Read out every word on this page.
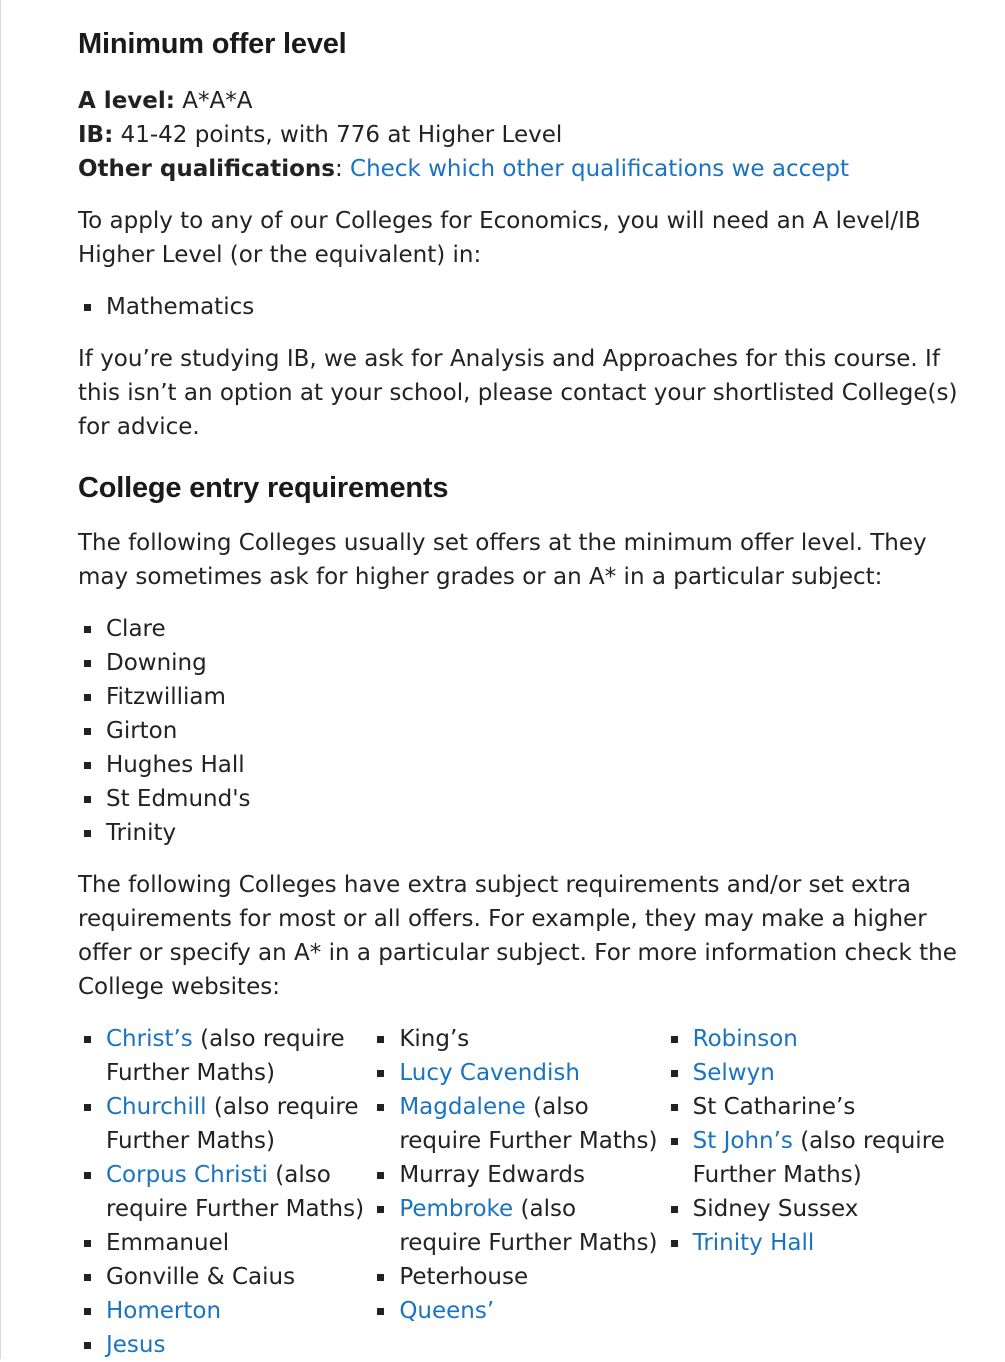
Minimum offer level
A level: A*A*A
IB: 41-42 points, with 776 at Higher Level
Other qualifications: Check which other qualifications we accept

To apply to any of our Colleges for Economics, you will need an A level/IB Higher Level (or the equivalent) in:

Mathematics

If you’re studying IB, we ask for Analysis and Approaches for this course. If this isn’t an option at your school, please contact your shortlisted College(s) for advice.

College entry requirements

The following Colleges usually set offers at the minimum offer level. They may sometimes ask for higher grades or an A* in a particular subject:

Clare
Downing
Fitzwilliam
Girton
Hughes Hall
St Edmund's
Trinity

The following Colleges have extra subject requirements and/or set extra requirements for most or all offers. For example, they may make a higher offer or specify an A* in a particular subject. For more information check the College websites:

Christ’s (also require Further Maths)
Churchill (also require Further Maths)
Corpus Christi (also require Further Maths)
Emmanuel
Gonville & Caius
Homerton
Jesus
King’s
Lucy Cavendish
Magdalene (also require Further Maths)
Murray Edwards
Pembroke (also require Further Maths)
Peterhouse
Queens’
Robinson
Selwyn
St Catharine’s
St John’s (also require Further Maths)
Sidney Sussex
Trinity Hall
